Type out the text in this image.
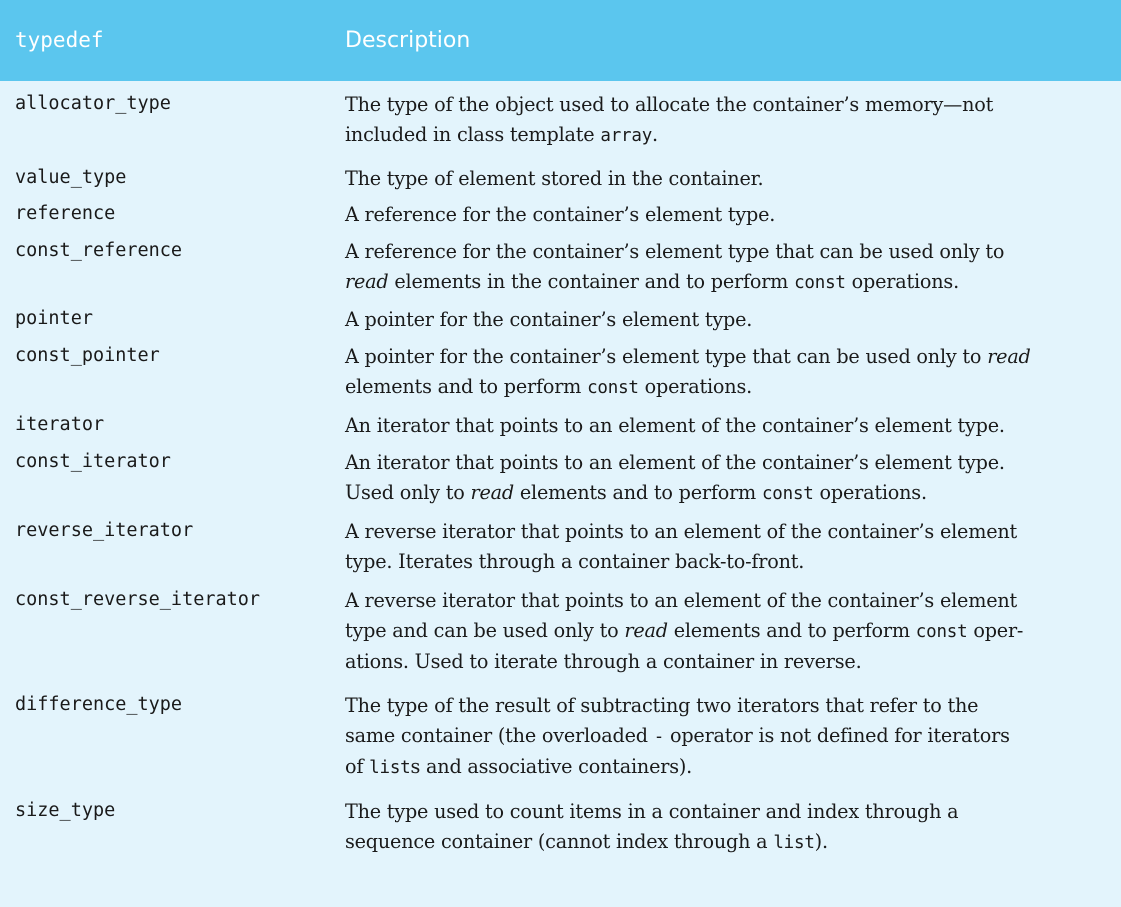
typedef	Description
allocator_type	The type of the object used to allocate the container’s memory—not
included in class template array.
value_type	The type of element stored in the container.
reference	A reference for the container’s element type.
const_reference	A reference for the container’s element type that can be used only to
read elements in the container and to perform const operations.
pointer	A pointer for the container’s element type.
const_pointer	A pointer for the container’s element type that can be used only to read
elements and to perform const operations.
iterator	An iterator that points to an element of the container’s element type.
const_iterator	An iterator that points to an element of the container’s element type.
Used only to read elements and to perform const operations.
reverse_iterator	A reverse iterator that points to an element of the container’s element
type. Iterates through a container back-to-front.
const_reverse_iterator	A reverse iterator that points to an element of the container’s element
type and can be used only to read elements and to perform const oper-
ations. Used to iterate through a container in reverse.
difference_type	The type of the result of subtracting two iterators that refer to the
same container (the overloaded - operator is not defined for iterators
of lists and associative containers).
size_type	The type used to count items in a container and index through a
sequence container (cannot index through a list).
